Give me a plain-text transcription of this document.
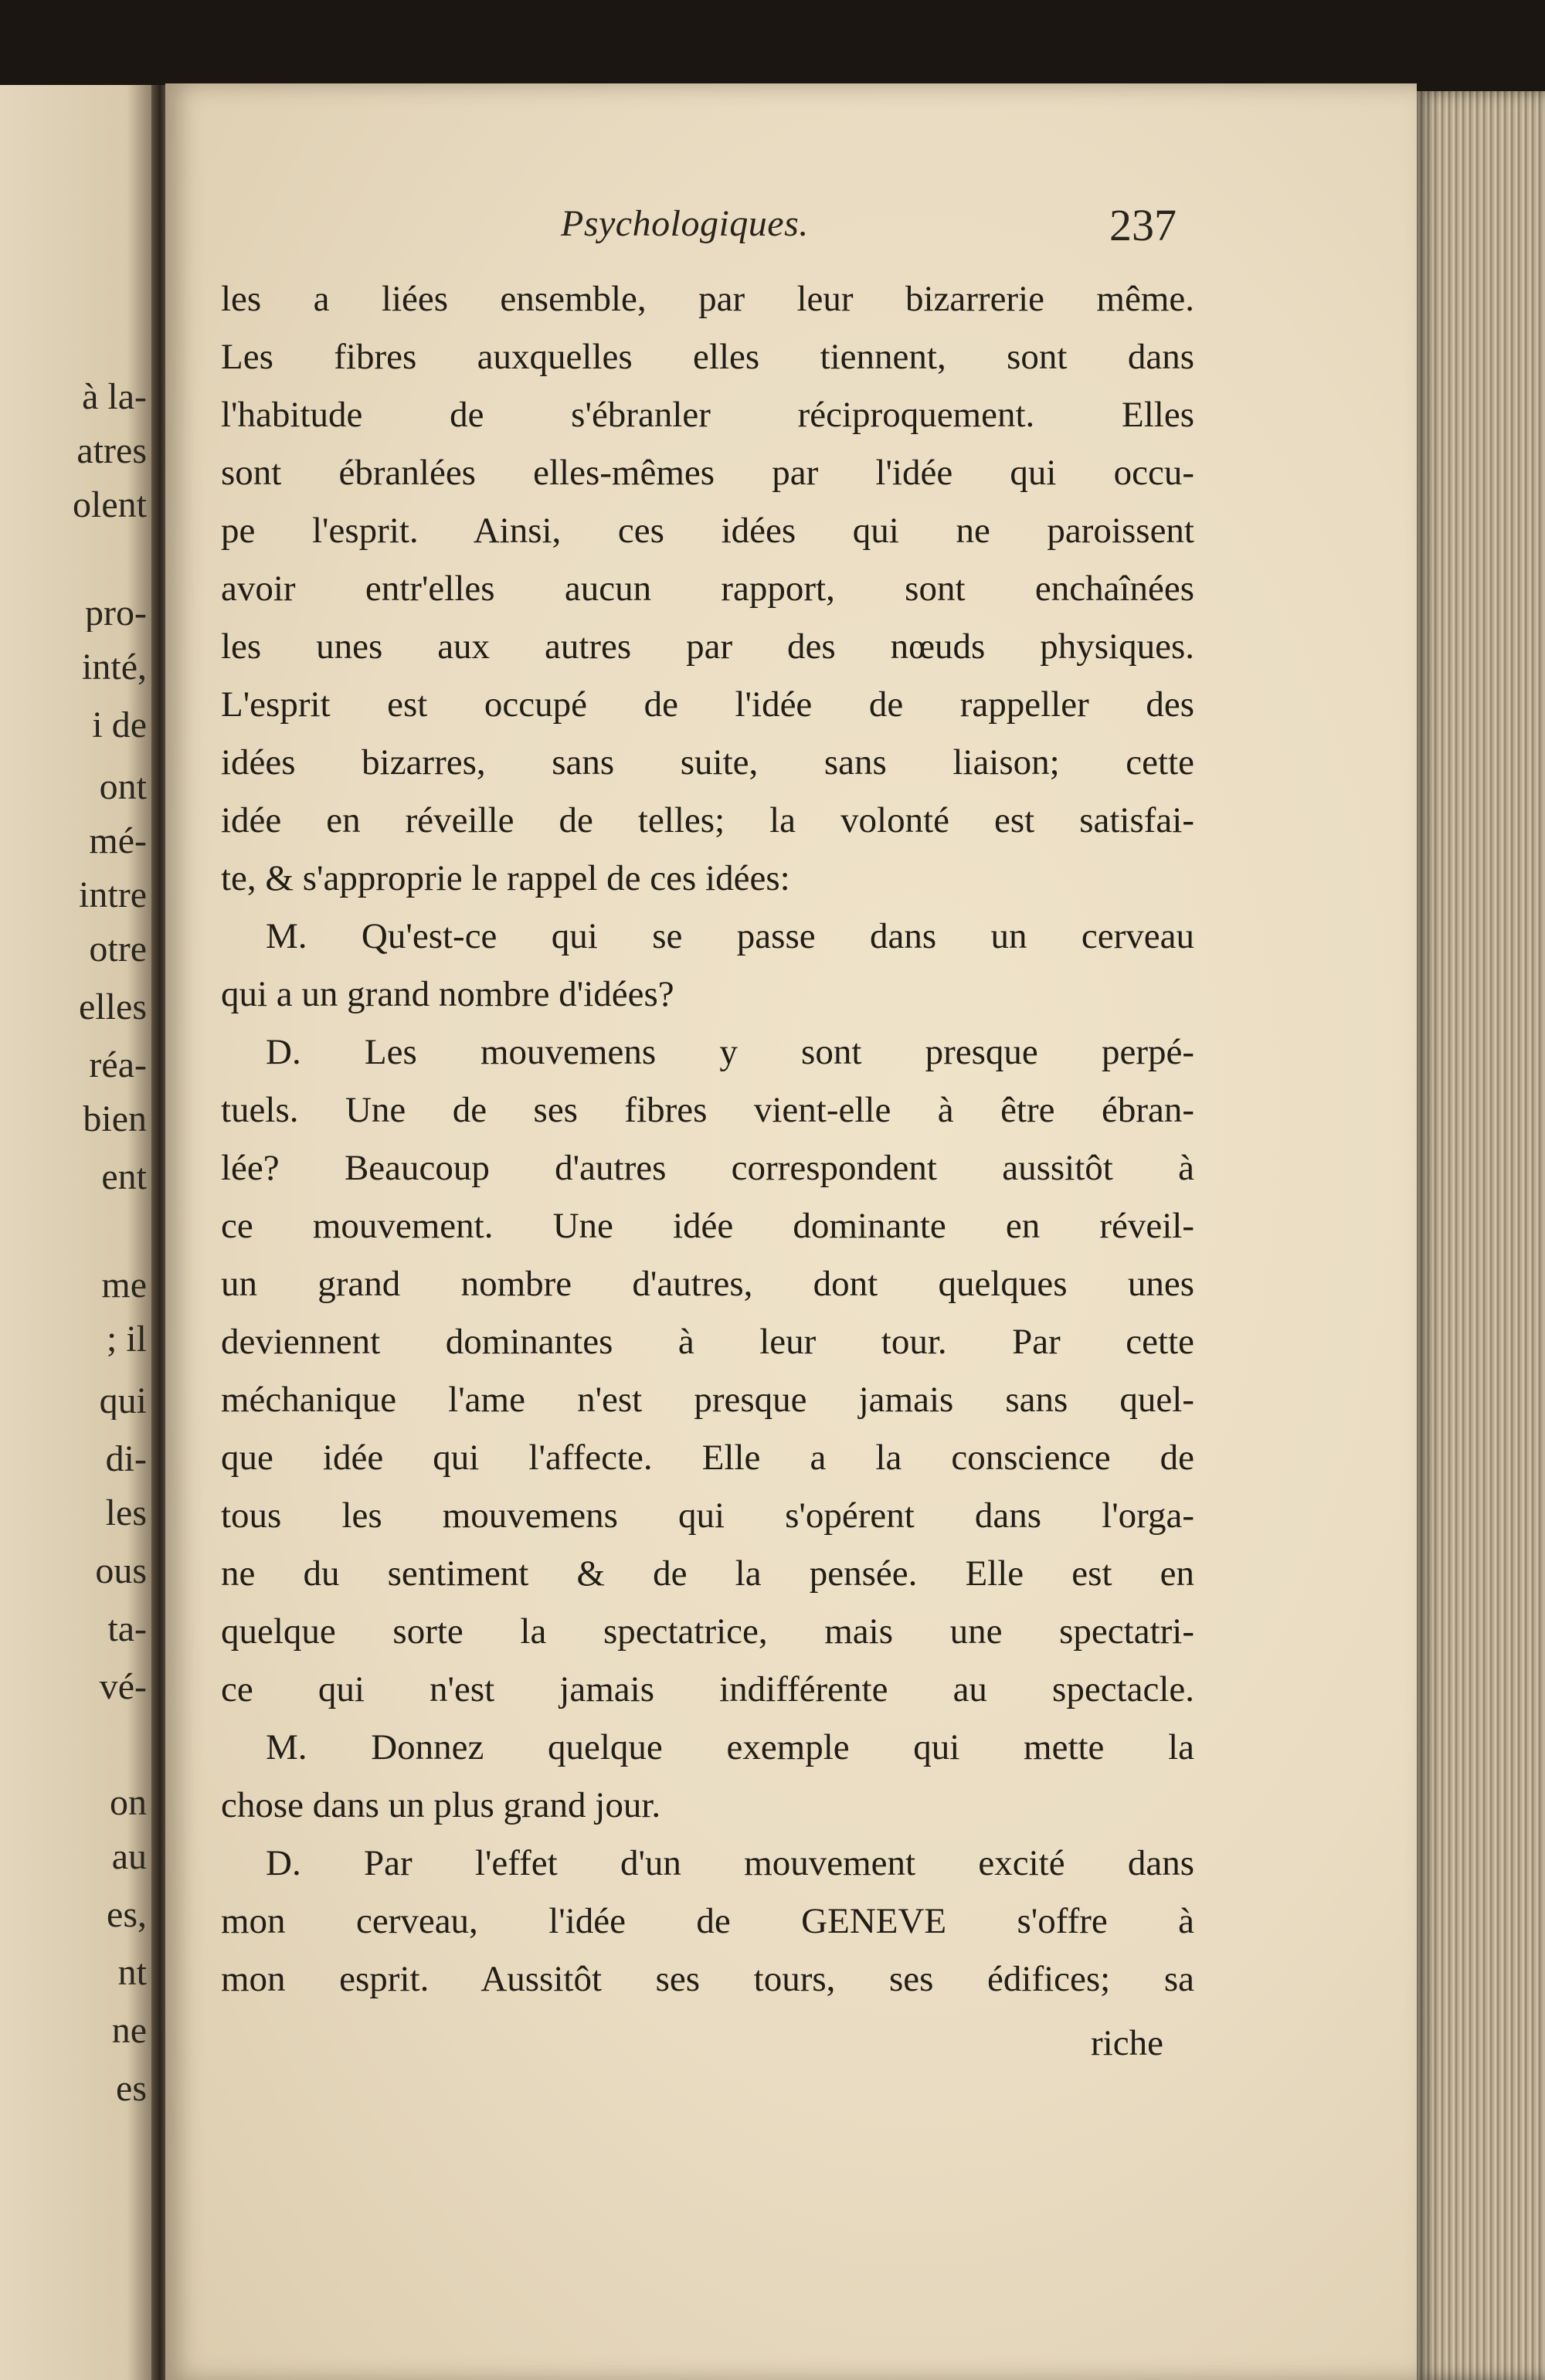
à la-
atres
olent
pro-
inté,
i de
ont
mé-
intre
otre
elles
réa-
bien
ent
me
; il
qui
di-
les
ous
ta-
vé-
on
au
es,
nt
ne
es
Psychologiques.	237
les a liées ensemble, par leur bizarrerie même.
Les fibres auxquelles elles tiennent, sont dans
l'habitude de s'ébranler réciproquement. Elles
sont ébranlées elles-mêmes par l'idée qui occu-
pe l'esprit. Ainsi, ces idées qui ne paroissent
avoir entr'elles aucun rapport, sont enchaînées
les unes aux autres par des nœuds physiques.
L'esprit est occupé de l'idée de rappeller des
idées bizarres, sans suite, sans liaison; cette
idée en réveille de telles; la volonté est satisfai-
te, & s'approprie le rappel de ces idées:
M. Qu'est-ce qui se passe dans un cerveau
qui a un grand nombre d'idées?
D. Les mouvemens y sont presque perpé-
tuels. Une de ses fibres vient-elle à être ébran-
lée? Beaucoup d'autres correspondent aussitôt à
ce mouvement. Une idée dominante en réveil-
un grand nombre d'autres, dont quelques unes
deviennent dominantes à leur tour. Par cette
méchanique l'ame n'est presque jamais sans quel-
que idée qui l'affecte. Elle a la conscience de
tous les mouvemens qui s'opérent dans l'orga-
ne du sentiment & de la pensée. Elle est en
quelque sorte la spectatrice, mais une spectatri-
ce qui n'est jamais indifférente au spectacle.
M. Donnez quelque exemple qui mette la
chose dans un plus grand jour.
D. Par l'effet d'un mouvement excité dans
mon cerveau, l'idée de GENEVE s'offre à
mon esprit. Aussitôt ses tours, ses édifices; sa
riche
